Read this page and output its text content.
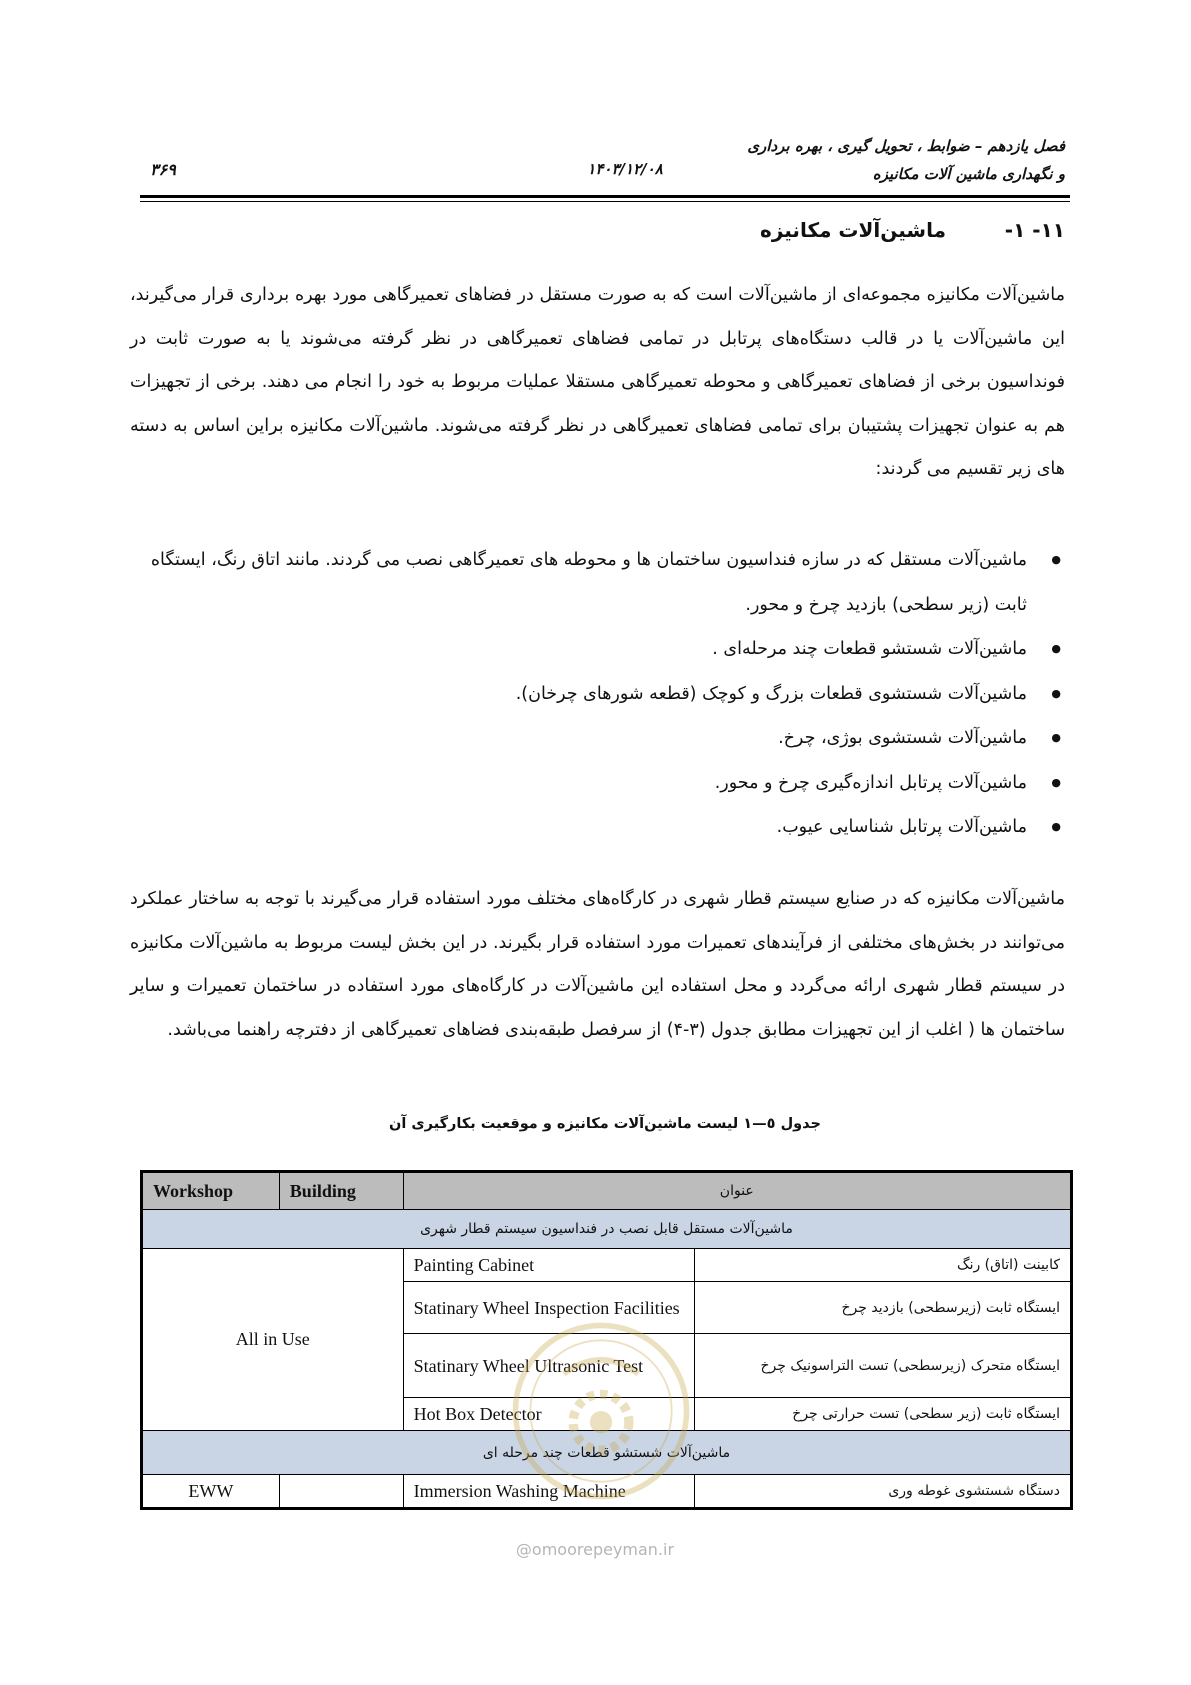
فصل یازدهم – ضوابط ، تحویل گیری ، بهره برداری
و نگهداری ماشین آلات مکانیزه
۱۴۰۳/۱۲/۰۸
۳۶۹
۱۱- ۱-
ماشین‌آلات مکانیزه
ماشین‌آلات مکانیزه مجموعه‌ای از ماشین‌آلات است که به صورت مستقل در فضاهای تعمیرگاهی مورد بهره برداری قرار می‌گیرند، این ماشین‌آلات یا در قالب دستگاه‌های پرتابل در تمامی فضاهای تعمیرگاهی در نظر گرفته می‌شوند یا به صورت ثابت در فونداسیون برخی از فضاهای تعمیرگاهی و محوطه تعمیرگاهی مستقلا عملیات مربوط به خود را انجام می دهند. برخی از تجهیزات هم به عنوان تجهیزات پشتیبان برای تمامی فضاهای تعمیرگاهی در نظر گرفته می‌شوند. ماشین‌آلات مکانیزه براین اساس به دسته های زیر تقسیم می گردند:
● ماشین‌آلات مستقل که در سازه فنداسیون ساختمان ها و محوطه های تعمیرگاهی نصب می گردند. مانند اتاق رنگ، ایستگاه ثابت (زیر سطحی) بازدید چرخ و محور.
● ماشین‌آلات شستشو قطعات چند مرحله‌ای .
● ماشین‌آلات شستشوی قطعات بزرگ و کوچک (قطعه شورهای چرخان).
● ماشین‌آلات شستشوی بوژی، چرخ.
● ماشین‌آلات پرتابل اندازه‌گیری چرخ و محور.
● ماشین‌آلات پرتابل شناسایی عیوب.
ماشین‌آلات مکانیزه که در صنایع سیستم قطار شهری در کارگاه‌های مختلف مورد استفاده قرار می‌گیرند با توجه به ساختار عملکرد می‌توانند در بخش‌های مختلفی از فرآیندهای تعمیرات مورد استفاده قرار بگیرند. در این بخش لیست مربوط به ماشین‌آلات مکانیزه در سیستم قطار شهری ارائه می‌گردد و محل استفاده این ماشین‌آلات در کارگاه‌های مورد استفاده در ساختمان تعمیرات و سایر ساختمان ها ( اغلب از این تجهیزات مطابق جدول (۳-۴) از سرفصل طبقه‌بندی فضاهای تعمیرگاهی از دفترچه راهنما می‌باشد.
جدول ٥—١ لیست ماشین‌آلات مکانیزه و موقعیت بکارگیری آن
Workshop	Building	عنوان	
ماشین‌آلات مستقل قابل نصب در فنداسیون سیستم قطار شهری			
All in Use		Painting Cabinet	کابینت (اتاق) رنگ
		Statinary Wheel Inspection Facilities	ایستگاه ثابت (زیرسطحی) بازدید چرخ
		Statinary Wheel Ultrasonic Test	ایستگاه متحرک (زیرسطحی) تست التراسونیک چرخ
		Hot Box Detector	ایستگاه ثابت (زیر سطحی) تست حرارتی چرخ
ماشین‌آلات شستشو قطعات چند مرحله ای			
EWW		Immersion Washing Machine	دستگاه شستشوی غوطه وری
@omoorepeyman.ir
